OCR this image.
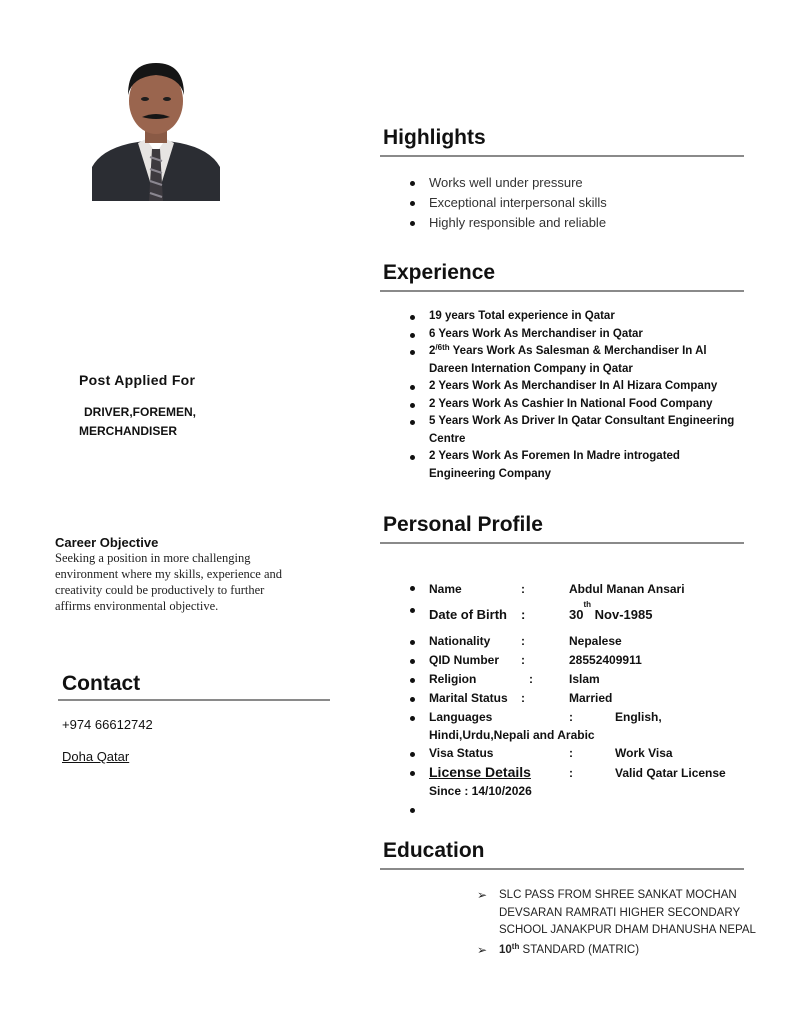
Post Applied For
DRIVER,FOREMEN,
MERCHANDISER
Career Objective
Seeking a position in more challenging environment where my skills, experience and creativity could be productively to further affirms environmental objective.
Contact
+974 66612742
Doha Qatar
Highlights
Works well under pressure
Exceptional interpersonal skills
Highly responsible and reliable
Experience
19 years Total experience in Qatar
6 Years Work As Merchandiser in Qatar
$2^{/6th}$ Years Work As Salesman & Merchandiser In Al Dareen Internation Company in Qatar
2 Years Work As Merchandiser In Al Hizara Company
2 Years Work As Cashier In National Food Company
5 Years Work As Driver In Qatar Consultant Engineering Centre
2 Years Work As Foremen In Madre introgated Engineering Company
Personal Profile
Name	:	Abdul Manan Ansari
Date of Birth	:	30th Nov-1985
Nationality	:	Nepalese
QID Number	:	28552409911
Religion	:	Islam
Marital Status	:	Married
Languages	:	English,
Hindi,Urdu,Nepali and Arabic
Visa Status	:	Work Visa
License Details	:	Valid Qatar License
Since : 14/10/2026
Education
➢ SLC PASS FROM SHREE SANKAT MOCHAN DEVSARAN RAMRATI HIGHER SECONDARY SCHOOL JANAKPUR DHAM DHANUSHA NEPAL
➢ 10th STANDARD (MATRIC)
